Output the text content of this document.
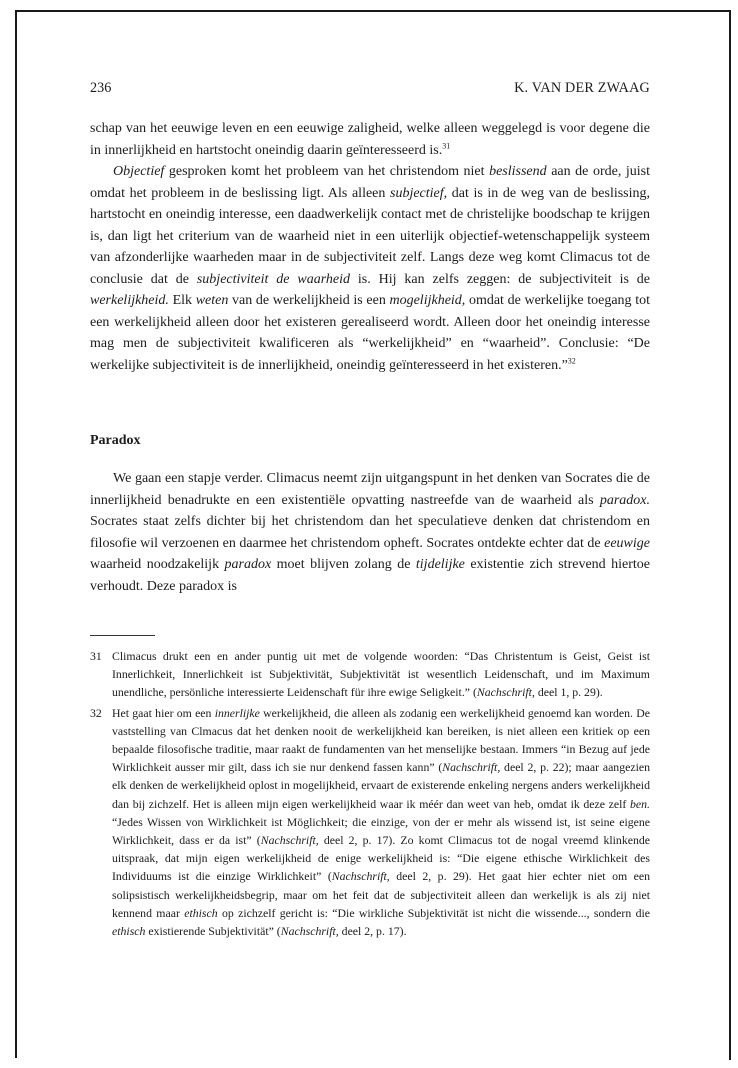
236	K. VAN DER ZWAAG

schap van het eeuwige leven en een eeuwige zaligheid, welke alleen weggelegd is voor degene die in innerlijkheid en hartstocht oneindig daarin geïnteresseerd is.$^{31}$

Objectief gesproken komt het probleem van het christendom niet beslissend aan de orde, juist omdat het probleem in de beslissing ligt. Als alleen subjectief, dat is in de weg van de beslissing, hartstocht en oneindig interesse, een daadwerkelijk contact met de christelijke boodschap te krijgen is, dan ligt het criterium van de waarheid niet in een uiterlijk objectief-wetenschappelijk systeem van afzonderlijke waarheden maar in de subjectiviteit zelf. Langs deze weg komt Climacus tot de conclusie dat de subjectiviteit de waarheid is. Hij kan zelfs zeggen: de subjectiviteit is de werkelijkheid. Elk weten van de werkelijkheid is een mogelijkheid, omdat de werkelijke toegang tot een werkelijkheid alleen door het existeren gerealiseerd wordt. Alleen door het oneindig interesse mag men de subjectiviteit kwalificeren als “werkelijkheid” en “waarheid”. Conclusie: “De werkelijke subjectiviteit is de innerlijkheid, oneindig geïnteresseerd in het existeren.”$^{32}$

Paradox

We gaan een stapje verder. Climacus neemt zijn uitgangspunt in het denken van Socrates die de innerlijkheid benadrukte en een existentiële opvatting nastreefde van de waarheid als paradox. Socrates staat zelfs dichter bij het christendom dan het speculatieve denken dat christendom en filosofie wil verzoenen en daarmee het christendom opheft. Socrates ontdekte echter dat de eeuwige waarheid noodzakelijk paradox moet blijven zolang de tijdelijke existentie zich strevend hiertoe verhoudt. Deze paradox is

31 Climacus drukt een en ander puntig uit met de volgende woorden: “Das Christentum is Geist, Geist ist Innerlichkeit, Innerlichkeit ist Subjektivität, Subjektivität ist wesentlich Leidenschaft, und im Maximum unendliche, persönliche interessierte Leidenschaft für ihre ewige Seligkeit.” (Nachschrift, deel 1, p. 29).
32 Het gaat hier om een innerlijke werkelijkheid, die alleen als zodanig een werkelijkheid genoemd kan worden. De vaststelling van Clmacus dat het denken nooit de werkelijkheid kan bereiken, is niet alleen een kritiek op een bepaalde filosofische traditie, maar raakt de fundamenten van het menselijke bestaan. Immers “in Bezug auf jede Wirklichkeit ausser mir gilt, dass ich sie nur denkend fassen kann” (Nachschrift, deel 2, p. 22); maar aangezien elk denken de werkelijkheid oplost in mogelijkheid, ervaart de existerende enkeling nergens anders werkelijkheid dan bij zichzelf. Het is alleen mijn eigen werkelijkheid waar ik méér dan weet van heb, omdat ik deze zelf ben. “Jedes Wissen von Wirklichkeit ist Möglichkeit; die einzige, von der er mehr als wissend ist, ist seine eigene Wirklichkeit, dass er da ist” (Nachschrift, deel 2, p. 17). Zo komt Climacus tot de nogal vreemd klinkende uitspraak, dat mijn eigen werkelijkheid de enige werkelijkheid is: “Die eigene ethische Wirklichkeit des Individuums ist die einzige Wirklichkeit” (Nachschrift, deel 2, p. 29). Het gaat hier echter niet om een solipsistisch werkelijkheidsbegrip, maar om het feit dat de subjectiviteit alleen dan werkelijk is als zij niet kennend maar ethisch op zichzelf gericht is: “Die wirkliche Subjektivität ist nicht die wissende..., sondern die ethisch existierende Subjektivität” (Nachschrift, deel 2, p. 17).
